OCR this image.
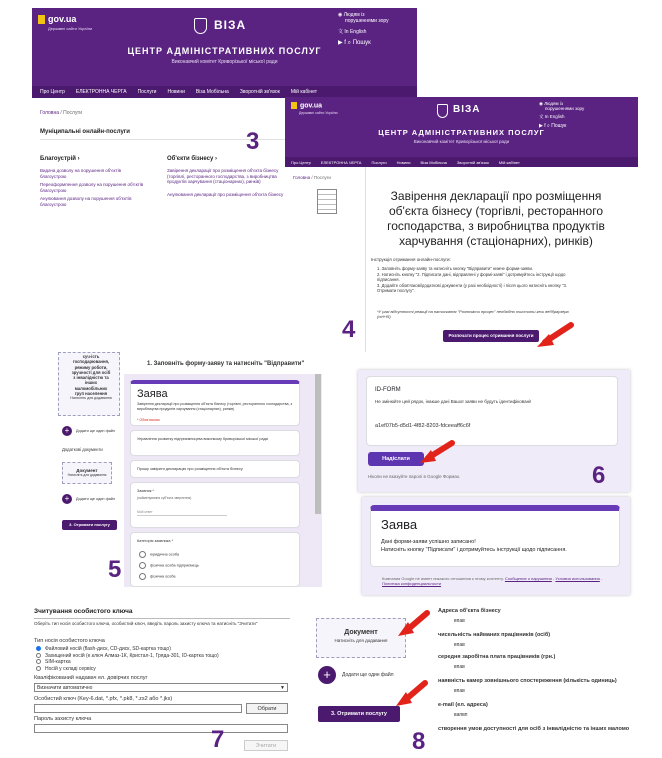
gov.ua
Державні сайти України	ВІЗА
ЦЕНТР АДМІНІСТРАТИВНИХ ПОСЛУГ
Виконавчий комітет Криворізької міської ради
◉ Людям із
порушеннями зору
文 In English
▶ f ⌕ Пошук
Про Центр ЕЛЕКТРОННА ЧЕРГА Послуги Новини Віза Мобільна Зворотній зв'язок Мій кабінет
Головна / Послуги
Муніципальні онлайн-послуги
Благоустрій ›
Видача дозволу на порушення об'єктів благоустрою
Переоформлення дозволу на порушення об'єктів благоустрою
Анулювання дозволу на порушення об'єктів благоустрою
Об'єкти бізнесу ›
Завірення декларації про розміщення об'єкта бізнесу (торгівлі, ресторанного господарства, з виробництва продуктів харчування (стаціонарних), ринків)
Анулювання декларації про розміщення об'єкта бізнесу
3
gov.ua
Державні сайти України	ВІЗА
ЦЕНТР АДМІНІСТРАТИВНИХ ПОСЛУГ
Виконавчий комітет Криворізької міської ради
◉ Людям із
порушеннями зору
文 In English
▶ f ⌕ Пошук
Про Центр	ЕЛЕКТРОННА ЧЕРГА	Послуги	Новини	Віза Мобільна	Зворотній зв'язок	Мій кабінет
Головна / Послуги
Завірення декларації про розміщення об'єкта бізнесу (торгівлі, ресторанного господарства, з виробництва продуктів харчування (стаціонарних), ринків)
Інструкція отримання онлайн-послуги:
1. Заповніть форму-заяву та натисніть кнопку "Відправити" нижче форми-заяви.
2. Натисніть кнопку "2. Підписати дані, відправлені у формі-заяві" і дотримуйтесь інструкції щодо підписання.
3. Додайте обов'язкові/додаткові документи (у разі необхідності) і після цього натисніть кнопку "3. Отримати послугу".
*У разі відсутності реакції на натискання "Розпочати процес" необхідно очистити кеш веббраузера (ctrl+f5)
Розпочати процес отримання послуги
4
суч-ість
господарювання,
режиму роботи,
зручності для осіб
з інвалідністю та
інших
маломобільних
груп населення
Натисніть для додавання
+	Додати ще один файл
Додаткові документи
Документ
Натисніть для додавання
+	Додати ще один файл
3. Отримати послугу
1. Заповніть форму-заяву та натисніть "Відправити"
Заява
Завірення декларації про розміщення об'єкта бізнесу (торгівлі, ресторанного господарства, з виробництва продуктів харчування (стаціонарних), ринків)
* Обов'язково
Управління розвитку підприємництва виконкому Криворізької міської ради
Прошу завірити декларацію про розміщення об'єкта бізнесу
Заявник *
(найменування суб'єкта звернення)
Мой ответ
Категорія заявника *
юридична особа
фізична особа-підприємець
фізична особа
5
ID-FORM
Не змінюйте цей рядок, інакше дані Вашої заяви не будуть ідентифіковані!
a1ef07b5-d5d1-4f82-8203-fdceeaff6c6f
Надіслати
Ніколи не вказуйте паролі в Google Формах.	6
Заява
Дані форми-заяви успішно записано!
Натисніть кнопку "Підписати" і дотримуйтесь інструкції щодо підписання.
Компания Google не имеет никакого отношения к этому контенту. Сообщение о нарушении - Условия использования - Политика конфиденциальности
Зчитування особистого ключа
Оберіть тип носія особистого ключа, особистий ключ, введіть пароль захисту ключа та натисніть "Зчитати"
Тип носія особистого ключа
Файловий носій (flash-диск, CD-диск, SD-картка тощо)
Захищений носій (е.ключ Алмаз-1К, Кристал-1, Гряда-301, ID-картка тощо)
SIM-картка
Носій у складі сервісу
Кваліфікований надавач ел. довірчих послуг
Визначити автоматично	▼
Особистий ключ (Key-6.dat, *.pfx, *.pk8, *.zs2 або *.jks)
Обрати
Пароль захисту ключа
Зчитати
7
Документ
Натисніть для додавання
+	Додати ще один файл
3. Отримати послугу
8
Адреса об'єкта бізнесу
впав
чисельність найманих працівників (осіб)
впав
середня заробітна плата працівників (грн.)
впав
наявність камер зовнішнього спостереження (кількість одиниць)
впав
e-mail (ел. адреса)
вапвп
створення умов доступності для осіб з інвалідністю та інших маломо
